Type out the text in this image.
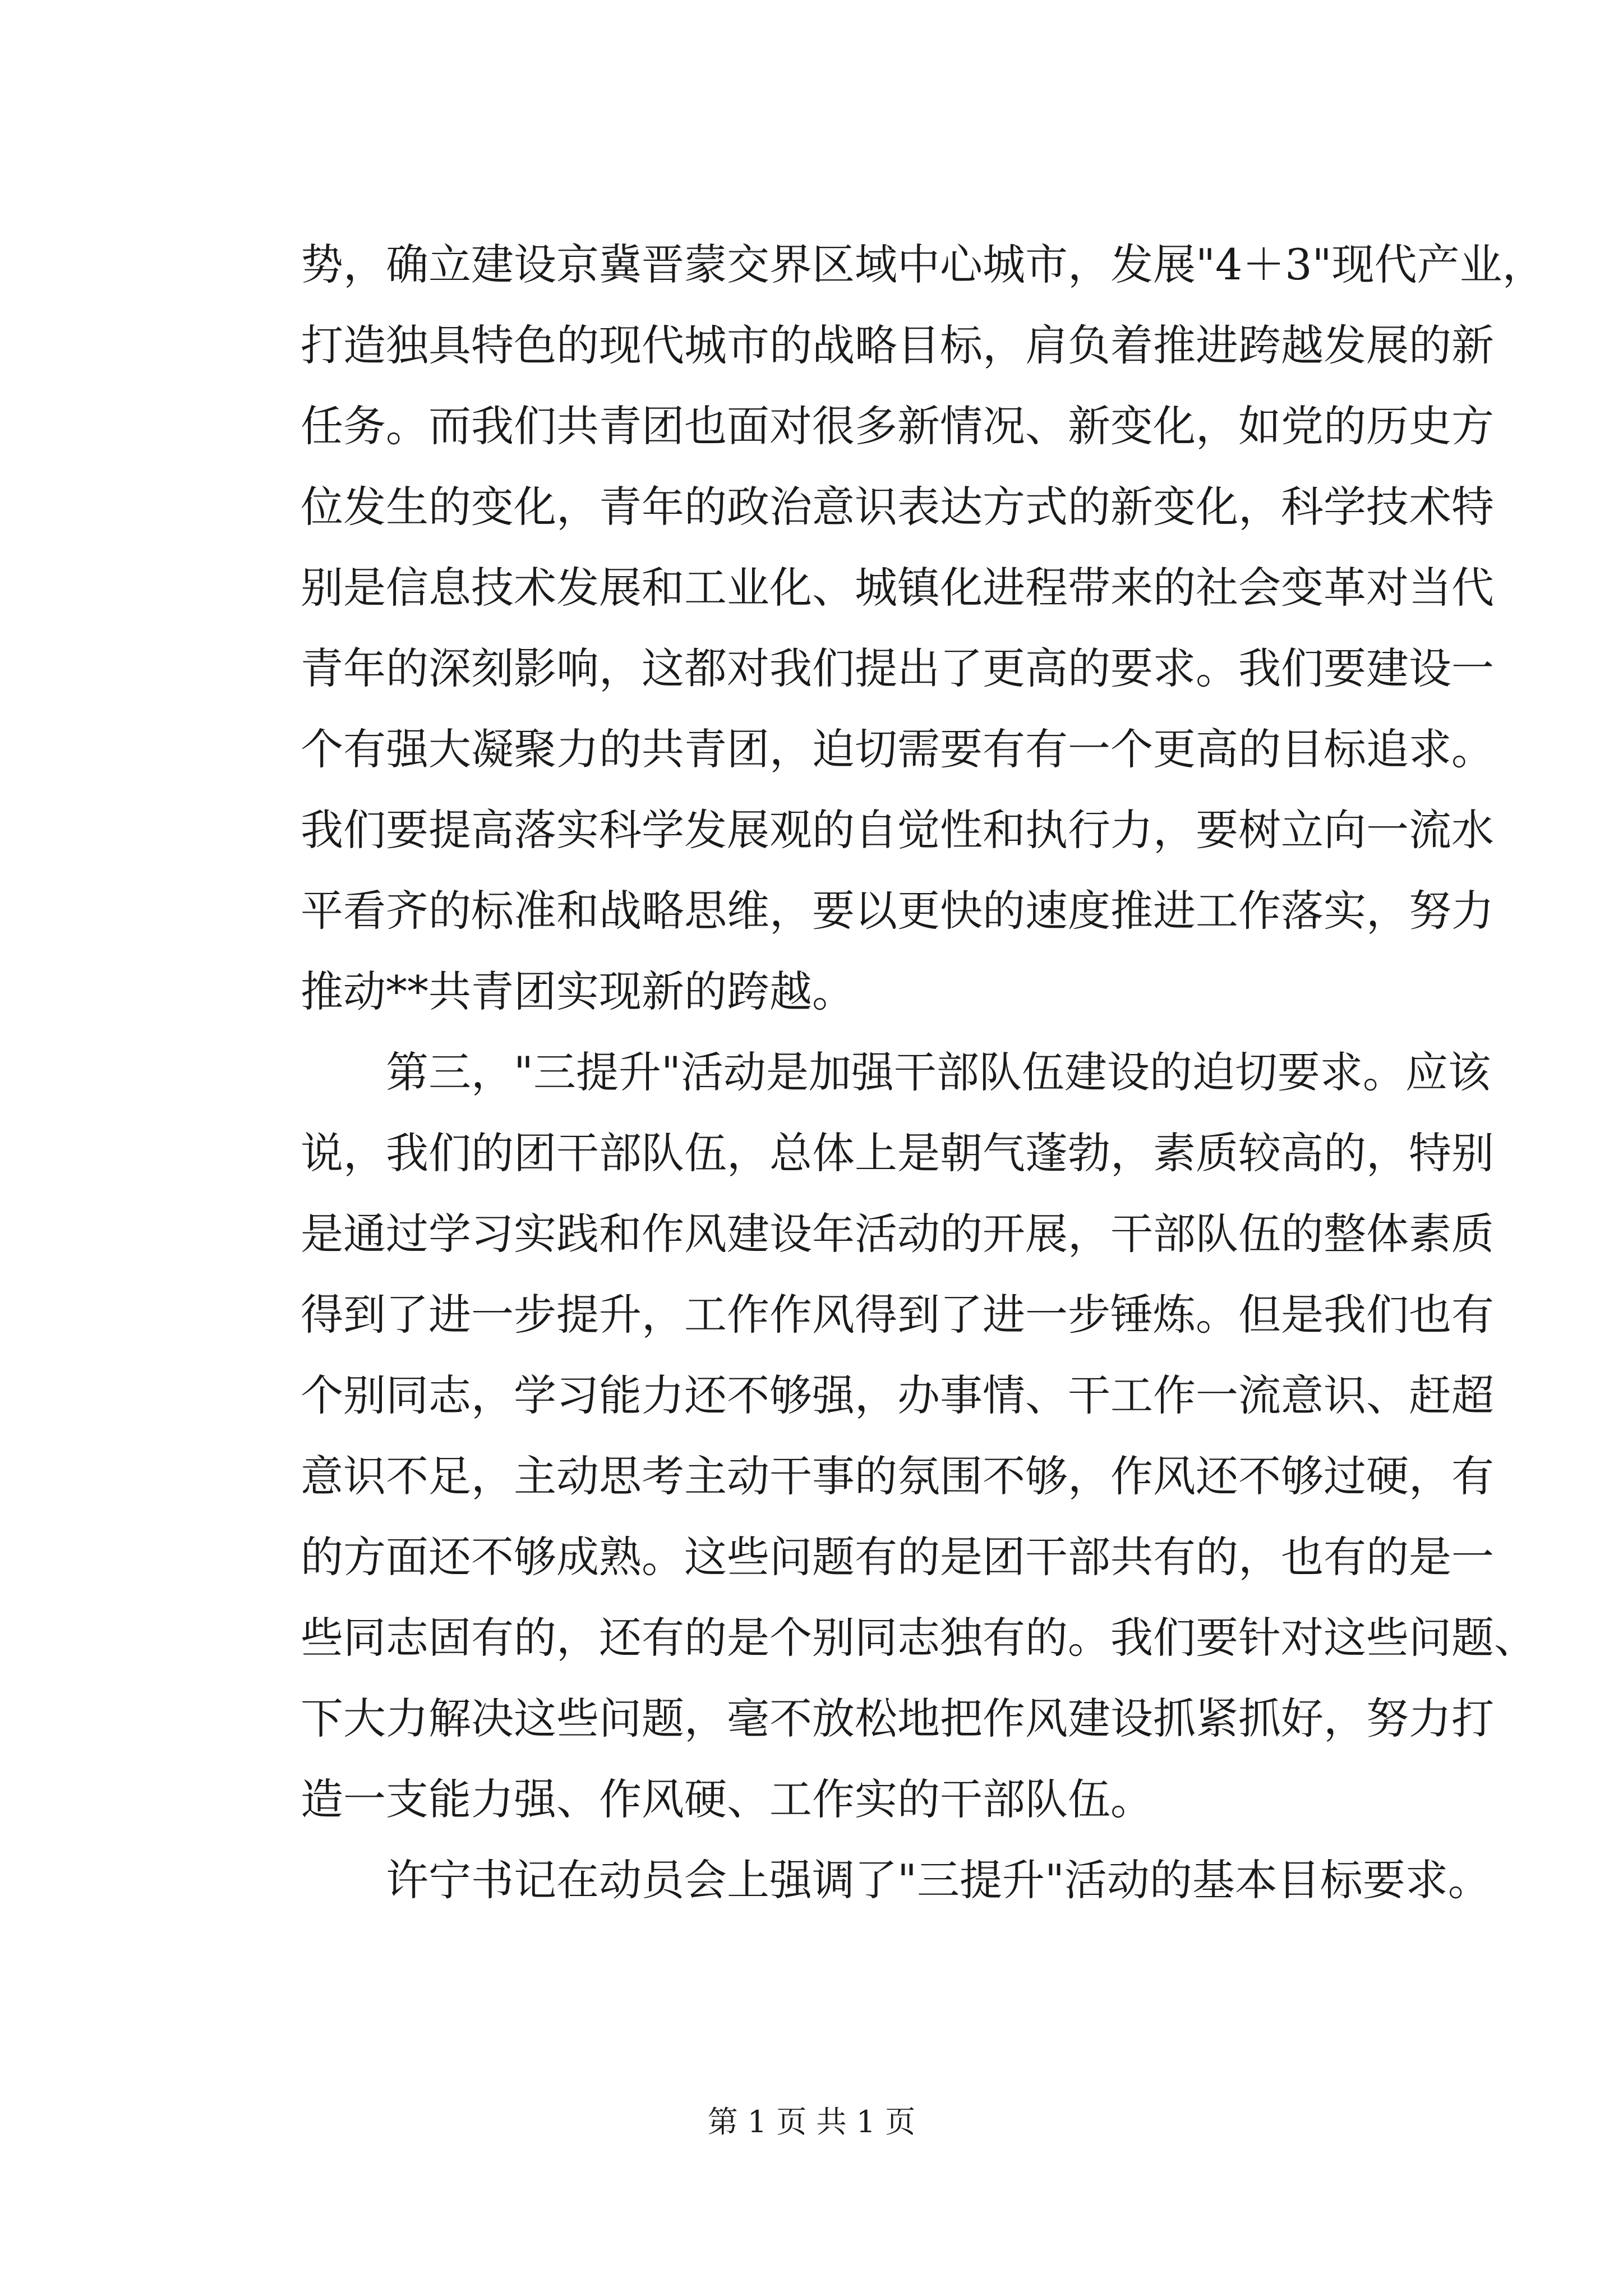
势，确立建设京冀晋蒙交界区域中心城市，发展"4＋3"现代产业，
打造独具特色的现代城市的战略目标，肩负着推进跨越发展的新
任务。而我们共青团也面对很多新情况、新变化，如党的历史方
位发生的变化，青年的政治意识表达方式的新变化，科学技术特
别是信息技术发展和工业化、城镇化进程带来的社会变革对当代
青年的深刻影响，这都对我们提出了更高的要求。我们要建设一
个有强大凝聚力的共青团，迫切需要有有一个更高的目标追求。
我们要提高落实科学发展观的自觉性和执行力，要树立向一流水
平看齐的标准和战略思维，要以更快的速度推进工作落实，努力
推动**共青团实现新的跨越。
第三，"三提升"活动是加强干部队伍建设的迫切要求。应该
说，我们的团干部队伍，总体上是朝气蓬勃，素质较高的，特别
是通过学习实践和作风建设年活动的开展，干部队伍的整体素质
得到了进一步提升，工作作风得到了进一步锤炼。但是我们也有
个别同志，学习能力还不够强，办事情、干工作一流意识、赶超
意识不足，主动思考主动干事的氛围不够，作风还不够过硬，有
的方面还不够成熟。这些问题有的是团干部共有的，也有的是一
些同志固有的，还有的是个别同志独有的。我们要针对这些问题、
下大力解决这些问题，毫不放松地把作风建设抓紧抓好，努力打
造一支能力强、作风硬、工作实的干部队伍。
许宁书记在动员会上强调了"三提升"活动的基本目标要求。
第 1 页 共 1 页
